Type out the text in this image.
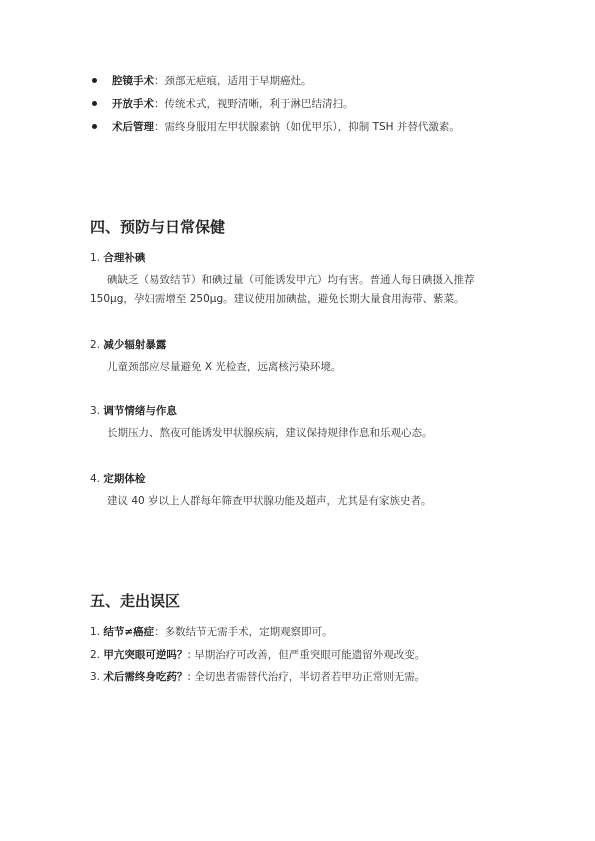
腔镜手术：颈部无疤痕，适用于早期癌灶。
开放手术：传统术式，视野清晰，利于淋巴结清扫。
术后管理：需终身服用左甲状腺素钠（如优甲乐），抑制 TSH 并替代激素。
四、预防与日常保健
1. 合理补碘
碘缺乏（易致结节）和碘过量（可能诱发甲亢）均有害。普通人每日碘摄入推荐
150μg，孕妇需增至 250μg。建议使用加碘盐，避免长期大量食用海带、紫菜。
2. 减少辐射暴露
儿童颈部应尽量避免 X 光检查，远离核污染环境。
3. 调节情绪与作息
长期压力、熬夜可能诱发甲状腺疾病，建议保持规律作息和乐观心态。
4. 定期体检
建议 40 岁以上人群每年筛查甲状腺功能及超声，尤其是有家族史者。
五、走出误区
1. 结节≠癌症：多数结节无需手术，定期观察即可。
2. 甲亢突眼可逆吗？: 早期治疗可改善，但严重突眼可能遗留外观改变。
3. 术后需终身吃药？: 全切患者需替代治疗，半切者若甲功正常则无需。
